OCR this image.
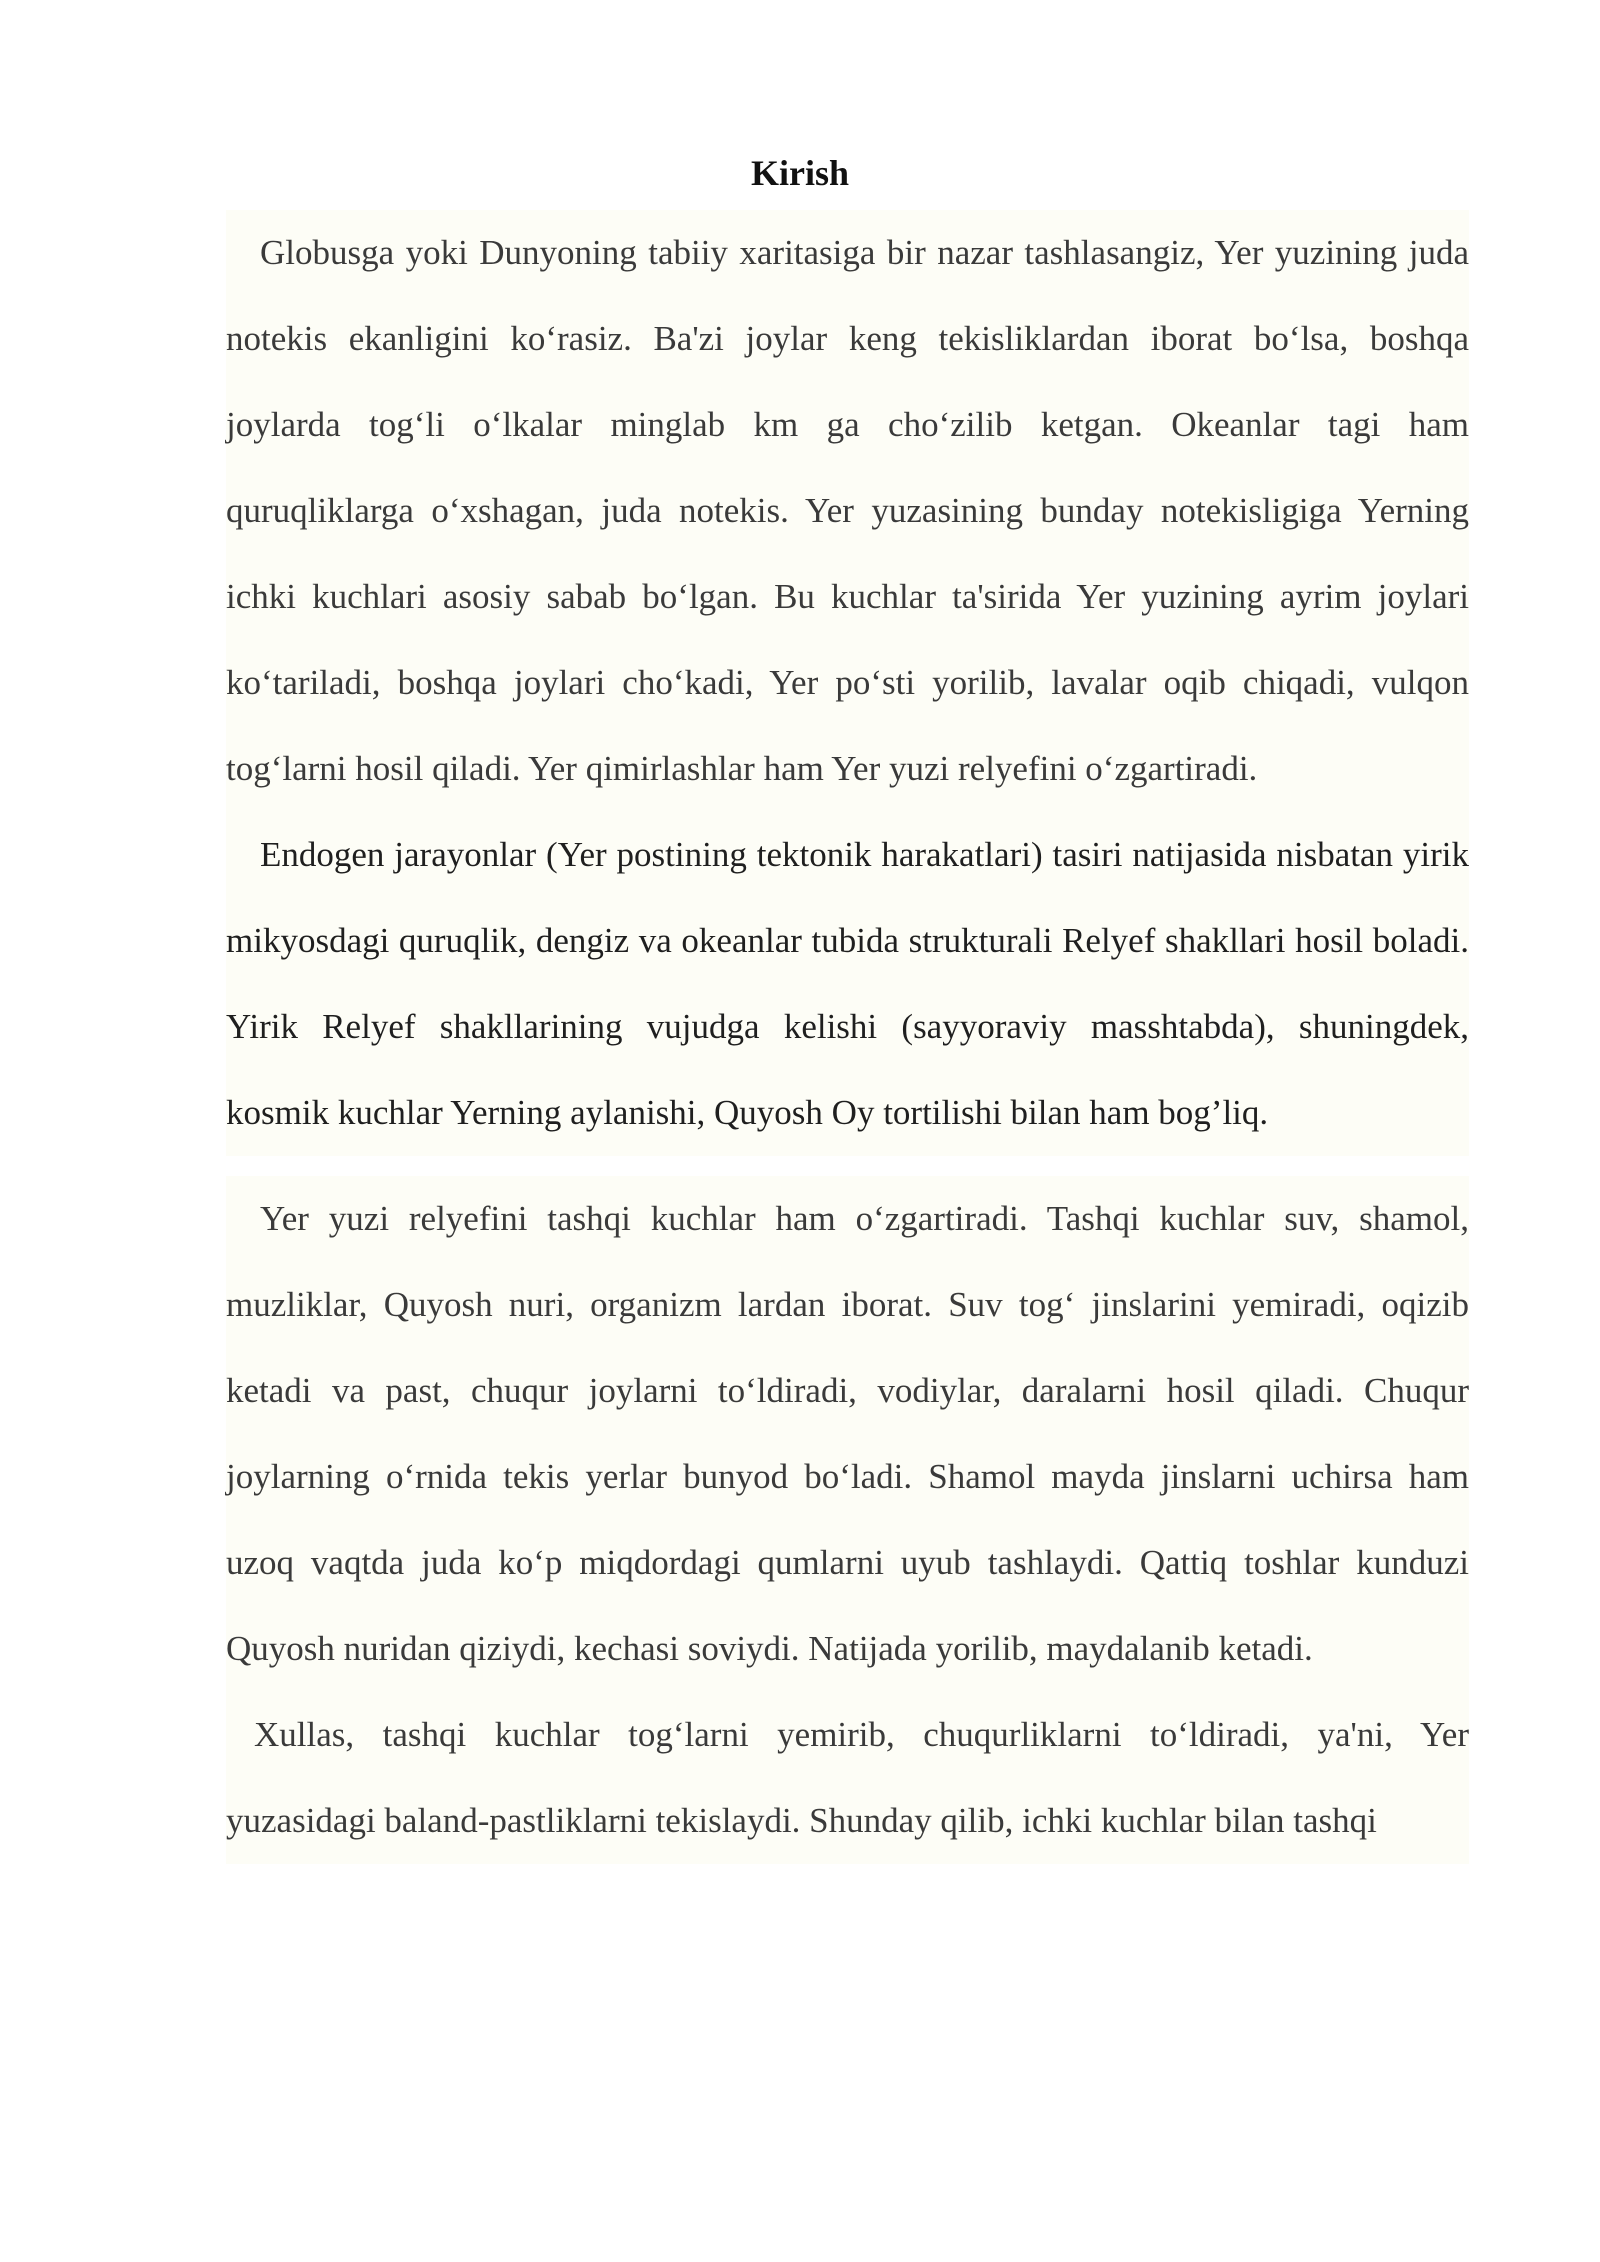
Kirish

Globusga yoki Dunyoning tabiiy xaritasiga bir nazar tashlasangiz, Yer yuzining juda notekis ekanligini ko‘rasiz. Ba'zi joylar keng tekisliklardan iborat bo‘lsa, boshqa joylarda tog‘li o‘lkalar minglab km ga cho‘zilib ketgan. Okeanlar tagi ham quruqliklarga o‘xshagan, juda notekis. Yer yuzasining bunday notekisligiga Yerning ichki kuchlari asosiy sabab bo‘lgan. Bu kuchlar ta'sirida Yer yuzining ayrim joylari ko‘tariladi, boshqa joylari cho‘kadi, Yer po‘sti yorilib, lavalar oqib chiqadi, vulqon tog‘larni hosil qiladi. Yer qimirlashlar ham Yer yuzi relyefini o‘zgartiradi.

Endogen jarayonlar (Yer postining tektonik harakatlari) tasiri natijasida nisbatan yirik mikyosdagi quruqlik, dengiz va okeanlar tubida strukturali Relyef shakllari hosil boladi. Yirik Relyef shakllarining vujudga kelishi (sayyoraviy masshtabda), shuningdek, kosmik kuchlar Yerning aylanishi, Quyosh Oy tortilishi bilan ham bog’liq.

Yer yuzi relyefini tashqi kuchlar ham o‘zgartiradi. Tashqi kuchlar suv, shamol, muzliklar, Quyosh nuri, organizm lardan iborat. Suv tog‘ jinslarini yemiradi, oqizib ketadi va past, chuqur joylarni to‘ldiradi, vodiylar, daralarni hosil qiladi. Chuqur joylarning o‘rnida tekis yerlar bunyod bo‘ladi. Shamol mayda jinslarni uchirsa ham uzoq vaqtda juda ko‘p miqdordagi qumlarni uyub tashlaydi. Qattiq toshlar kunduzi Quyosh nuridan qiziydi, kechasi soviydi. Natijada yorilib, maydalanib ketadi.

Xullas, tashqi kuchlar tog‘larni yemirib, chuqurliklarni to‘ldiradi, ya'ni, Yer yuzasidagi baland-pastliklarni tekislaydi. Shunday qilib, ichki kuchlar bilan tashqi
